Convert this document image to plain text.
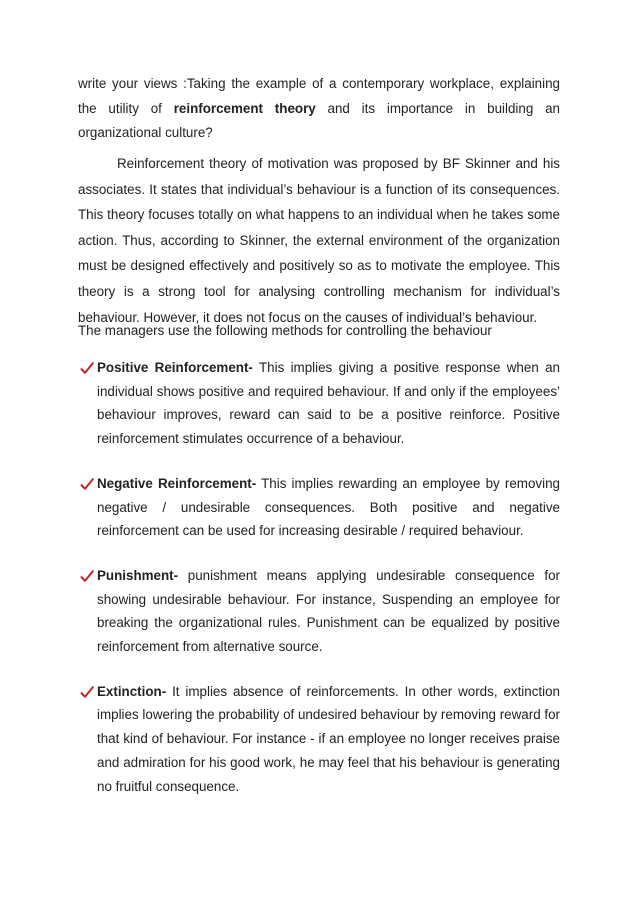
write your views :Taking the example of a contemporary workplace, explaining the utility of reinforcement theory and its importance in building an organizational culture?

Reinforcement theory of motivation was proposed by BF Skinner and his associates. It states that individual’s behaviour is a function of its consequences. This theory focuses totally on what happens to an individual when he takes some action. Thus, according to Skinner, the external environment of the organization must be designed effectively and positively so as to motivate the employee. This theory is a strong tool for analysing controlling mechanism for individual’s behaviour. However, it does not focus on the causes of individual’s behaviour.

The managers use the following methods for controlling the behaviour

Positive Reinforcement- This implies giving a positive response when an individual shows positive and required behaviour. If and only if the employees’ behaviour improves, reward can said to be a positive reinforce. Positive reinforcement stimulates occurrence of a behaviour.
Negative Reinforcement- This implies rewarding an employee by removing negative / undesirable consequences. Both positive and negative reinforcement can be used for increasing desirable / required behaviour.
Punishment- punishment means applying undesirable consequence for showing undesirable behaviour. For instance, Suspending an employee for breaking the organizational rules. Punishment can be equalized by positive reinforcement from alternative source.
Extinction- It implies absence of reinforcements. In other words, extinction implies lowering the probability of undesired behaviour by removing reward for that kind of behaviour. For instance - if an employee no longer receives praise and admiration for his good work, he may feel that his behaviour is generating no fruitful consequence.
